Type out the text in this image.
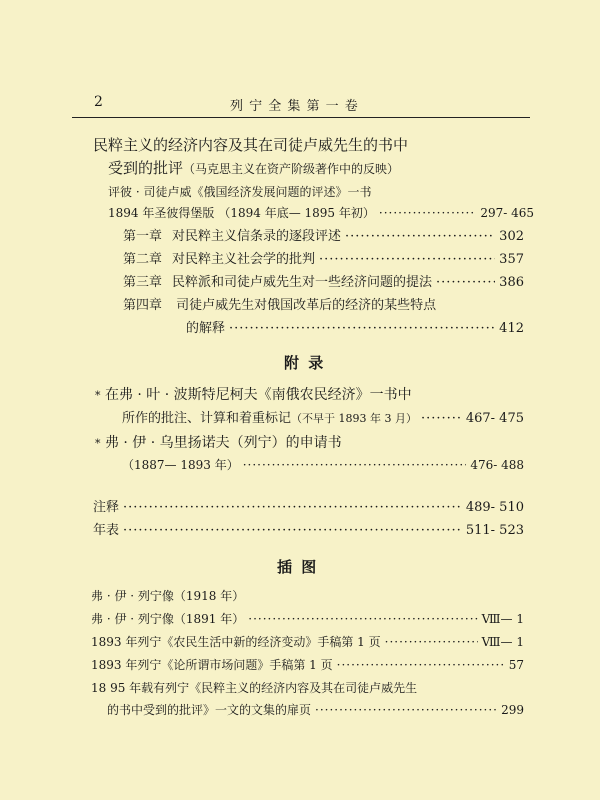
2	列 宁 全 集 第 一 卷
民粹主义的经济内容及其在司徒卢威先生的书中
受到的批评（马克思主义在资产阶级著作中的反映）
评彼 · 司徒卢威《俄国经济发展问题的评述》一书
1894 年圣彼得堡版 （1894 年底— 1895 年初） ·····	297- 465
第一章 对民粹主义信条录的逐段评述 ·····	302
第二章 对民粹主义社会学的批判 ·····	357
第三章 民粹派和司徒卢威先生对一些经济问题的提法 ·····	386
第四章 司徒卢威先生对俄国改革后的经济的某些特点
的解释 ·····	412
附 录
* 在弗 · 叶 · 波斯特尼柯夫《南俄农民经济》一书中
所作的批注、计算和着重标记 （不早于 1893 年 3 月） ·····	467- 475
* 弗 · 伊 · 乌里扬诺夫（列宁）的申请书
（1887— 1893 年） ·····	476- 488
注释 ·····	489- 510
年表 ·····	511- 523
插 图
弗 · 伊 · 列宁像（1918 年）
弗 · 伊 · 列宁像（1891 年） ·····	Ⅷ— 1
1893 年列宁《农民生活中新的经济变动》手稿第 1 页 ·····	Ⅷ— 1
1893 年列宁《论所谓市场问题》手稿第 1 页 ·····	57
18 95 年载有列宁《民粹主义的经济内容及其在司徒卢威先生
的书中受到的批评》一文的文集的扉页 ·····	299
